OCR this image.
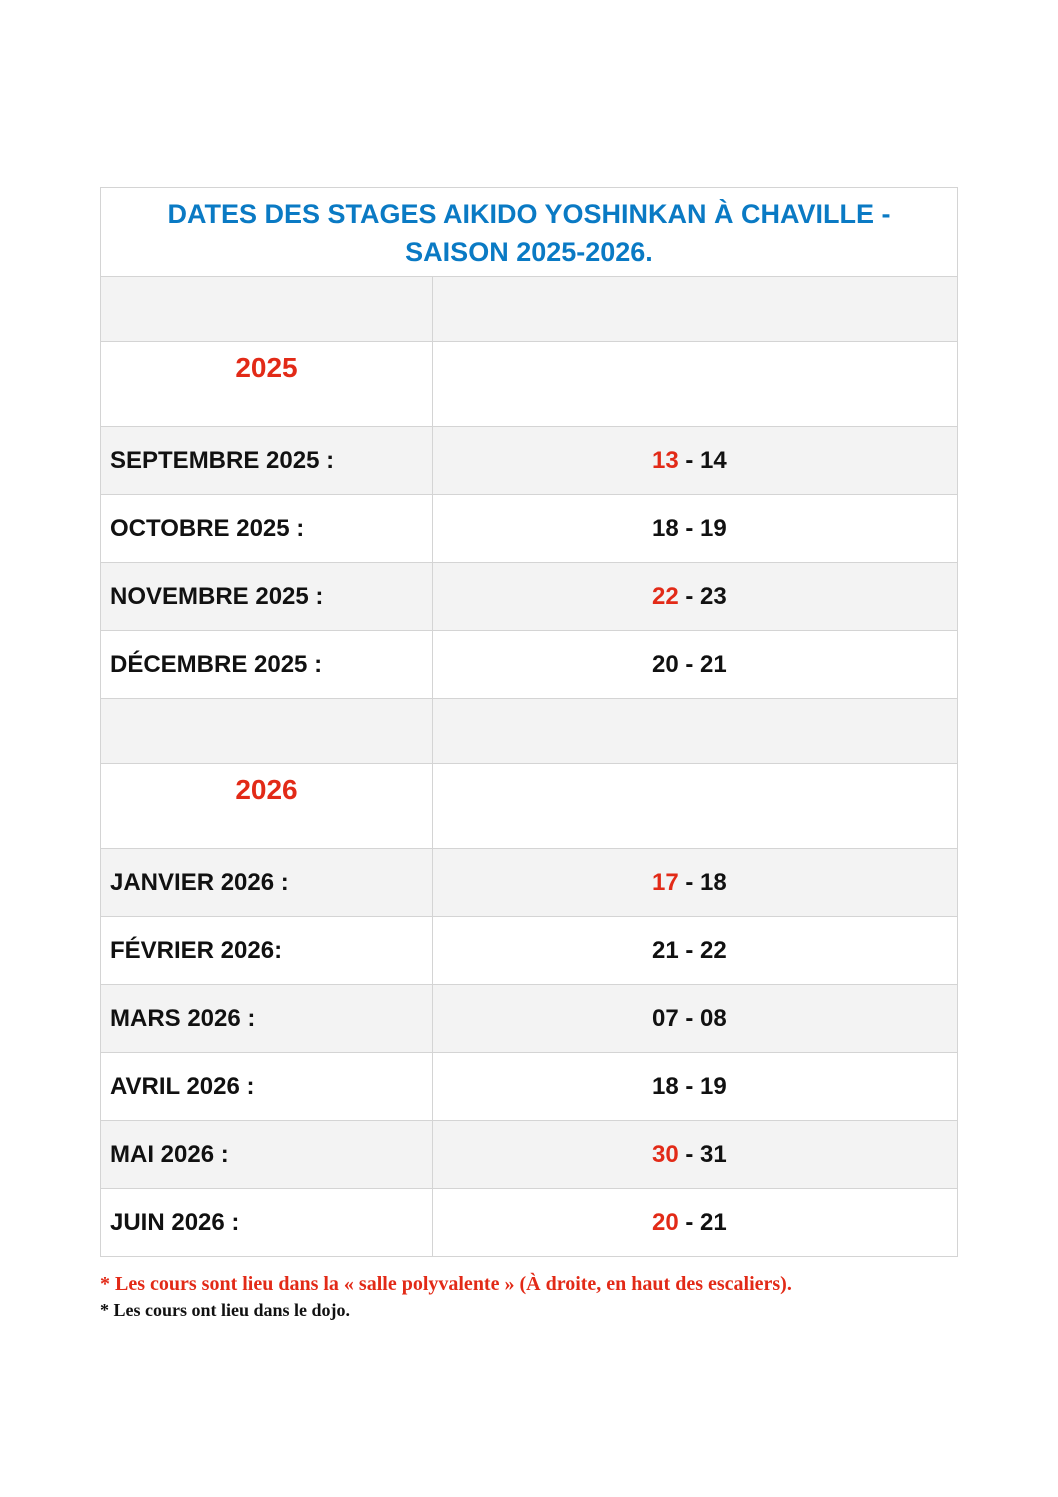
DATES DES STAGES AIKIDO YOSHINKAN À CHAVILLE -
SAISON 2025-2026.	

2025	
SEPTEMBRE 2025 :	13 - 14
OCTOBRE 2025 :	18 - 19
NOVEMBRE 2025 :	22 - 23
DÉCEMBRE 2025 :	20 - 21

2026	
JANVIER 2026 :	17 - 18
FÉVRIER 2026:	21 - 22
MARS 2026 :	07 - 08
AVRIL 2026 :	18 - 19
MAI 2026 :	30 - 31
JUIN 2026 :	20 - 21
* Les cours sont lieu dans la « salle polyvalente » (À droite, en haut des escaliers).
* Les cours ont lieu dans le dojo.
